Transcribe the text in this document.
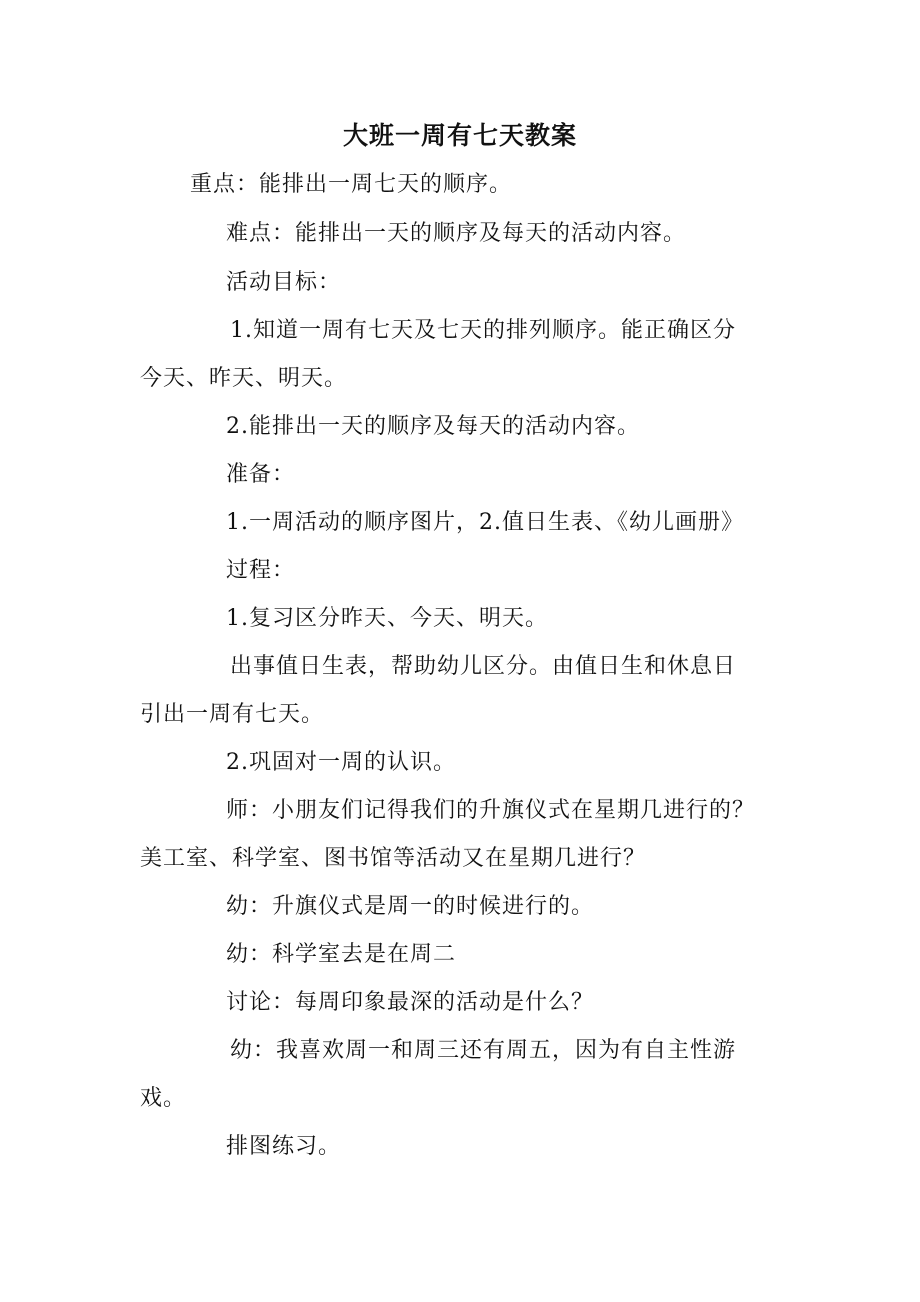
大班一周有七天教案
重点：能排出一周七天的顺序。
难点：能排出一天的顺序及每天的活动内容。
活动目标：
1.知道一周有七天及七天的排列顺序。能正确区分
今天、昨天、明天。
2.能排出一天的顺序及每天的活动内容。
准备：
1.一周活动的顺序图片，2.值日生表、《幼儿画册》
过程：
1.复习区分昨天、今天、明天。
出事值日生表，帮助幼儿区分。由值日生和休息日
引出一周有七天。
2.巩固对一周的认识。
师：小朋友们记得我们的升旗仪式在星期几进行的？
美工室、科学室、图书馆等活动又在星期几进行？
幼：升旗仪式是周一的时候进行的。
幼：科学室去是在周二
讨论：每周印象最深的活动是什么？
幼：我喜欢周一和周三还有周五，因为有自主性游
戏。
排图练习。
